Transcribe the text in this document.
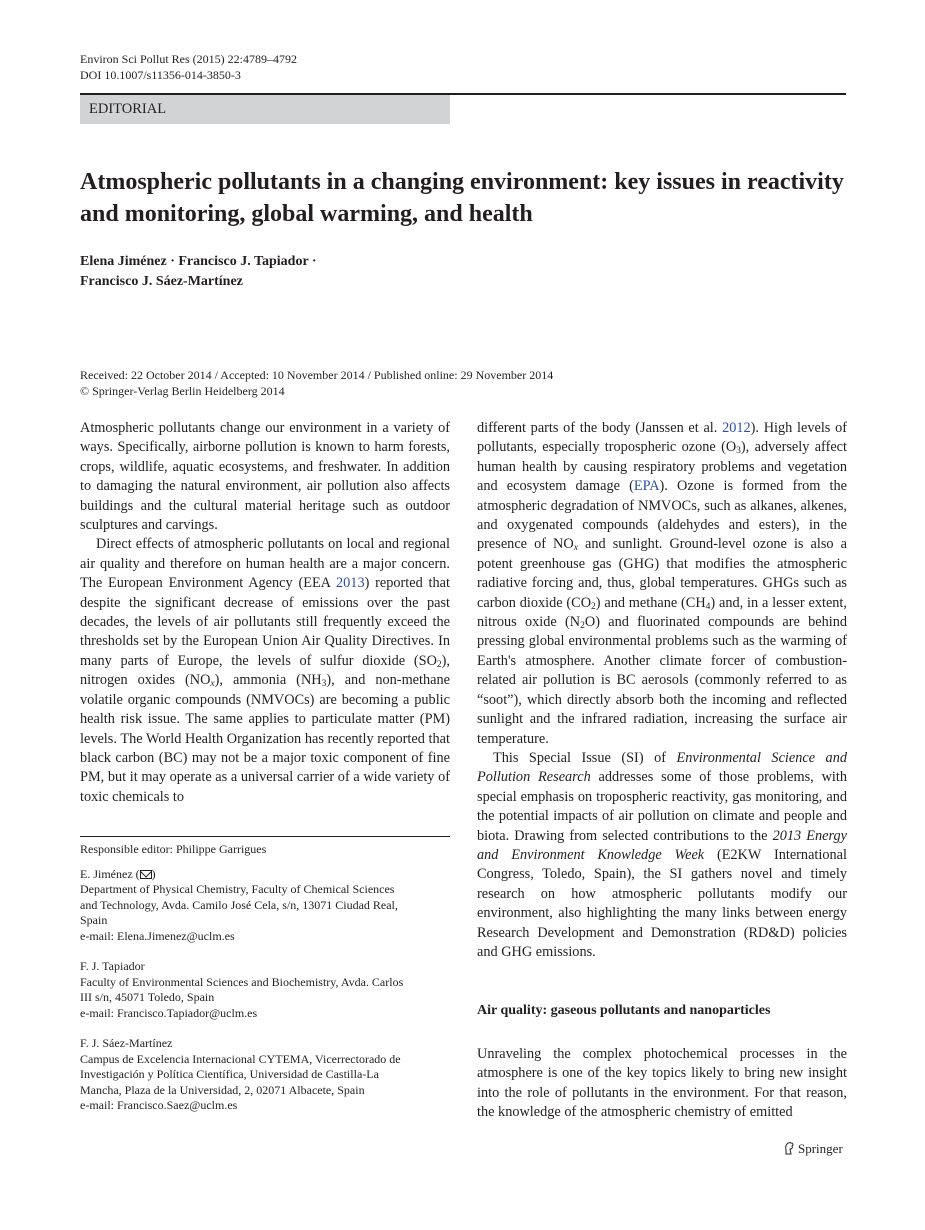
Environ Sci Pollut Res (2015) 22:4789–4792
DOI 10.1007/s11356-014-3850-3
EDITORIAL
Atmospheric pollutants in a changing environment: key issues in reactivity and monitoring, global warming, and health
Elena Jiménez · Francisco J. Tapiador ·
Francisco J. Sáez-Martínez
Received: 22 October 2014 / Accepted: 10 November 2014 / Published online: 29 November 2014
© Springer-Verlag Berlin Heidelberg 2014

Atmospheric pollutants change our environment in a variety of ways. Specifically, airborne pollution is known to harm forests, crops, wildlife, aquatic ecosystems, and freshwater. In addition to damaging the natural environment, air pollution also affects buildings and the cultural material heritage such as outdoor sculptures and carvings.

Direct effects of atmospheric pollutants on local and regional air quality and therefore on human health are a major concern. The European Environment Agency (EEA 2013) reported that despite the significant decrease of emissions over the past decades, the levels of air pollutants still frequently exceed the thresholds set by the European Union Air Quality Directives. In many parts of Europe, the levels of sulfur dioxide $(SO_2)$, nitrogen oxides $(NO_x)$, ammonia $(NH_3)$, and non-methane volatile organic compounds (NMVOCs) are becoming a public health risk issue. The same applies to particulate matter (PM) levels. The World Health Organization has recently reported that black carbon (BC) may not be a major toxic component of fine PM, but it may operate as a universal carrier of a wide variety of toxic chemicals to

Responsible editor: Philippe Garrigues
E. Jiménez ( )
Department of Physical Chemistry, Faculty of Chemical Sciences
and Technology, Avda. Camilo José Cela, s/n, 13071 Ciudad Real,
Spain
e-mail: Elena.Jimenez@uclm.es
F. J. Tapiador
Faculty of Environmental Sciences and Biochemistry, Avda. Carlos
III s/n, 45071 Toledo, Spain
e-mail: Francisco.Tapiador@uclm.es
F. J. Sáez-Martínez
Campus de Excelencia Internacional CYTEMA, Vicerrectorado de
Investigación y Política Científica, Universidad de Castilla-La
Mancha, Plaza de la Universidad, 2, 02071 Albacete, Spain
e-mail: Francisco.Saez@uclm.es

different parts of the body (Janssen et al. 2012). High levels of pollutants, especially tropospheric ozone $(O_3)$, adversely affect human health by causing respiratory problems and vegetation and ecosystem damage (EPA). Ozone is formed from the atmospheric degradation of NMVOCs, such as alkanes, alkenes, and oxygenated compounds (aldehydes and esters), in the presence of $NO_x$ and sunlight. Ground-level ozone is also a potent greenhouse gas (GHG) that modifies the atmospheric radiative forcing and, thus, global temperatures. GHGs such as carbon dioxide $(CO_2)$ and methane $(CH_4)$ and, in a lesser extent, nitrous oxide $(N_2O)$ and fluorinated compounds are behind pressing global environmental problems such as the warming of Earth's atmosphere. Another climate forcer of combustion-related air pollution is BC aerosols (commonly referred to as “soot”), which directly absorb both the incoming and reflected sunlight and the infrared radiation, increasing the surface air temperature.

This Special Issue (SI) of Environmental Science and Pollution Research addresses some of those problems, with special emphasis on tropospheric reactivity, gas monitoring, and the potential impacts of air pollution on climate and people and biota. Drawing from selected contributions to the 2013 Energy and Environment Knowledge Week (E2KW International Congress, Toledo, Spain), the SI gathers novel and timely research on how atmospheric pollutants modify our environment, also highlighting the many links between energy Research Development and Demonstration (RD&D) policies and GHG emissions.

Air quality: gaseous pollutants and nanoparticles

Unraveling the complex photochemical processes in the atmosphere is one of the key topics likely to bring new insight into the role of pollutants in the environment. For that reason, the knowledge of the atmospheric chemistry of emitted

Springer
